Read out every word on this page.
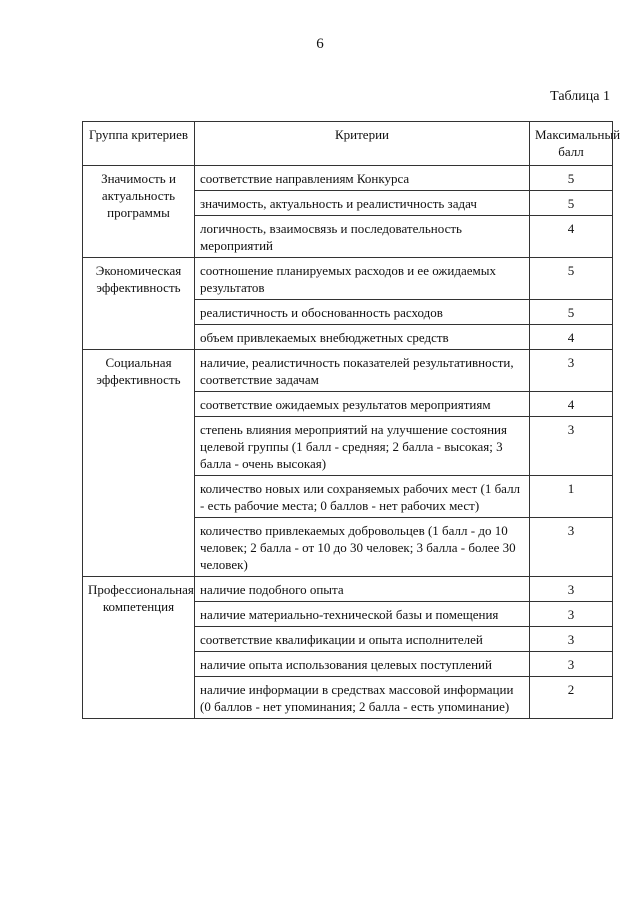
6
Таблица 1
Группа критериев	Критерии	Максимальный балл
Значимость и актуальность программы	соответствие направлениям Конкурса	5
	значимость, актуальность и реалистичность задач	5
	логичность, взаимосвязь и последовательность мероприятий	4
Экономическая эффективность	соотношение планируемых расходов и ее ожидаемых результатов	5
	реалистичность и обоснованность расходов	5
	объем привлекаемых внебюджетных средств	4
Социальная эффективность	наличие, реалистичность показателей результативности, соответствие задачам	3
	соответствие ожидаемых результатов мероприятиям	4
	степень влияния мероприятий на улучшение состояния целевой группы (1 балл - средняя; 2 балла - высокая; 3 балла - очень высокая)	3
	количество новых или сохраняемых рабочих мест (1 балл - есть рабочие места; 0 баллов - нет рабочих мест)	1
	количество привлекаемых добровольцев (1 балл - до 10 человек; 2 балла - от 10 до 30 человек; 3 балла - более 30 человек)	3
Профессиональная компетенция	наличие подобного опыта	3
	наличие материально-технической базы и помещения	3
	соответствие квалификации и опыта исполнителей	3
	наличие опыта использования целевых поступлений	3
	наличие информации в средствах массовой информации (0 баллов - нет упоминания; 2 балла - есть упоминание)	2
